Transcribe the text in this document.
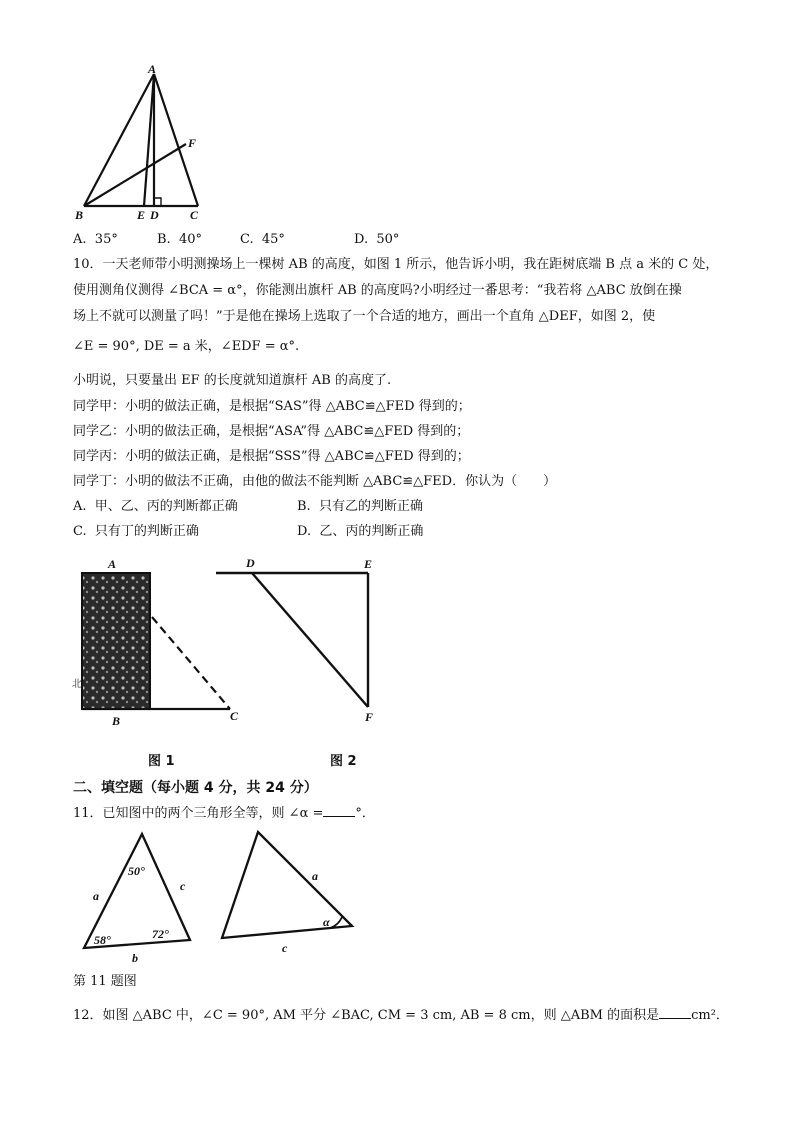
A
F
B	E D	C
A. 35°	B. 40°	C. 45°	D. 50°
10．一天老师带小明测操场上一棵树 AB 的高度，如图 1 所示，他告诉小明，我在距树底端 B 点 a 米的 C 处，
使用测角仪测得 ∠BCA = α°，你能测出旗杆 AB 的高度吗?小明经过一番思考：“我若将 △ABC 放倒在操
场上不就可以测量了吗！”于是他在操场上选取了一个合适的地方，画出一个直角 △DEF，如图 2，使
∠E = 90°, DE = a 米，∠EDF = α°.
小明说，只要量出 EF 的长度就知道旗杆 AB 的高度了.
同学甲：小明的做法正确，是根据“SAS”得 △ABC≌△FED 得到的；
同学乙：小明的做法正确，是根据“ASA”得 △ABC≌△FED 得到的；
同学丙：小明的做法正确，是根据“SSS”得 △ABC≌△FED 得到的；
同学丁：小明的做法不正确，由他的做法不能判断 △ABC≌△FED．你认为（　　）
A. 甲、乙、丙的判断都正确	B. 只有乙的判断正确
C. 只有丁的判断正确	D. 乙、丙的判断正确
A
B	C
北
D	E
F
图 1	图 2
二、填空题（每小题 4 分，共 24 分）
11．已知图中的两个三角形全等，则 ∠α = °．
50°
58°	72°
a
c
b
a
c
α
第 11 题图
12．如图 △ABC 中，∠C = 90°, AM 平分 ∠BAC, CM = 3 cm, AB = 8 cm，则 △ABM 的面积是 cm²．
